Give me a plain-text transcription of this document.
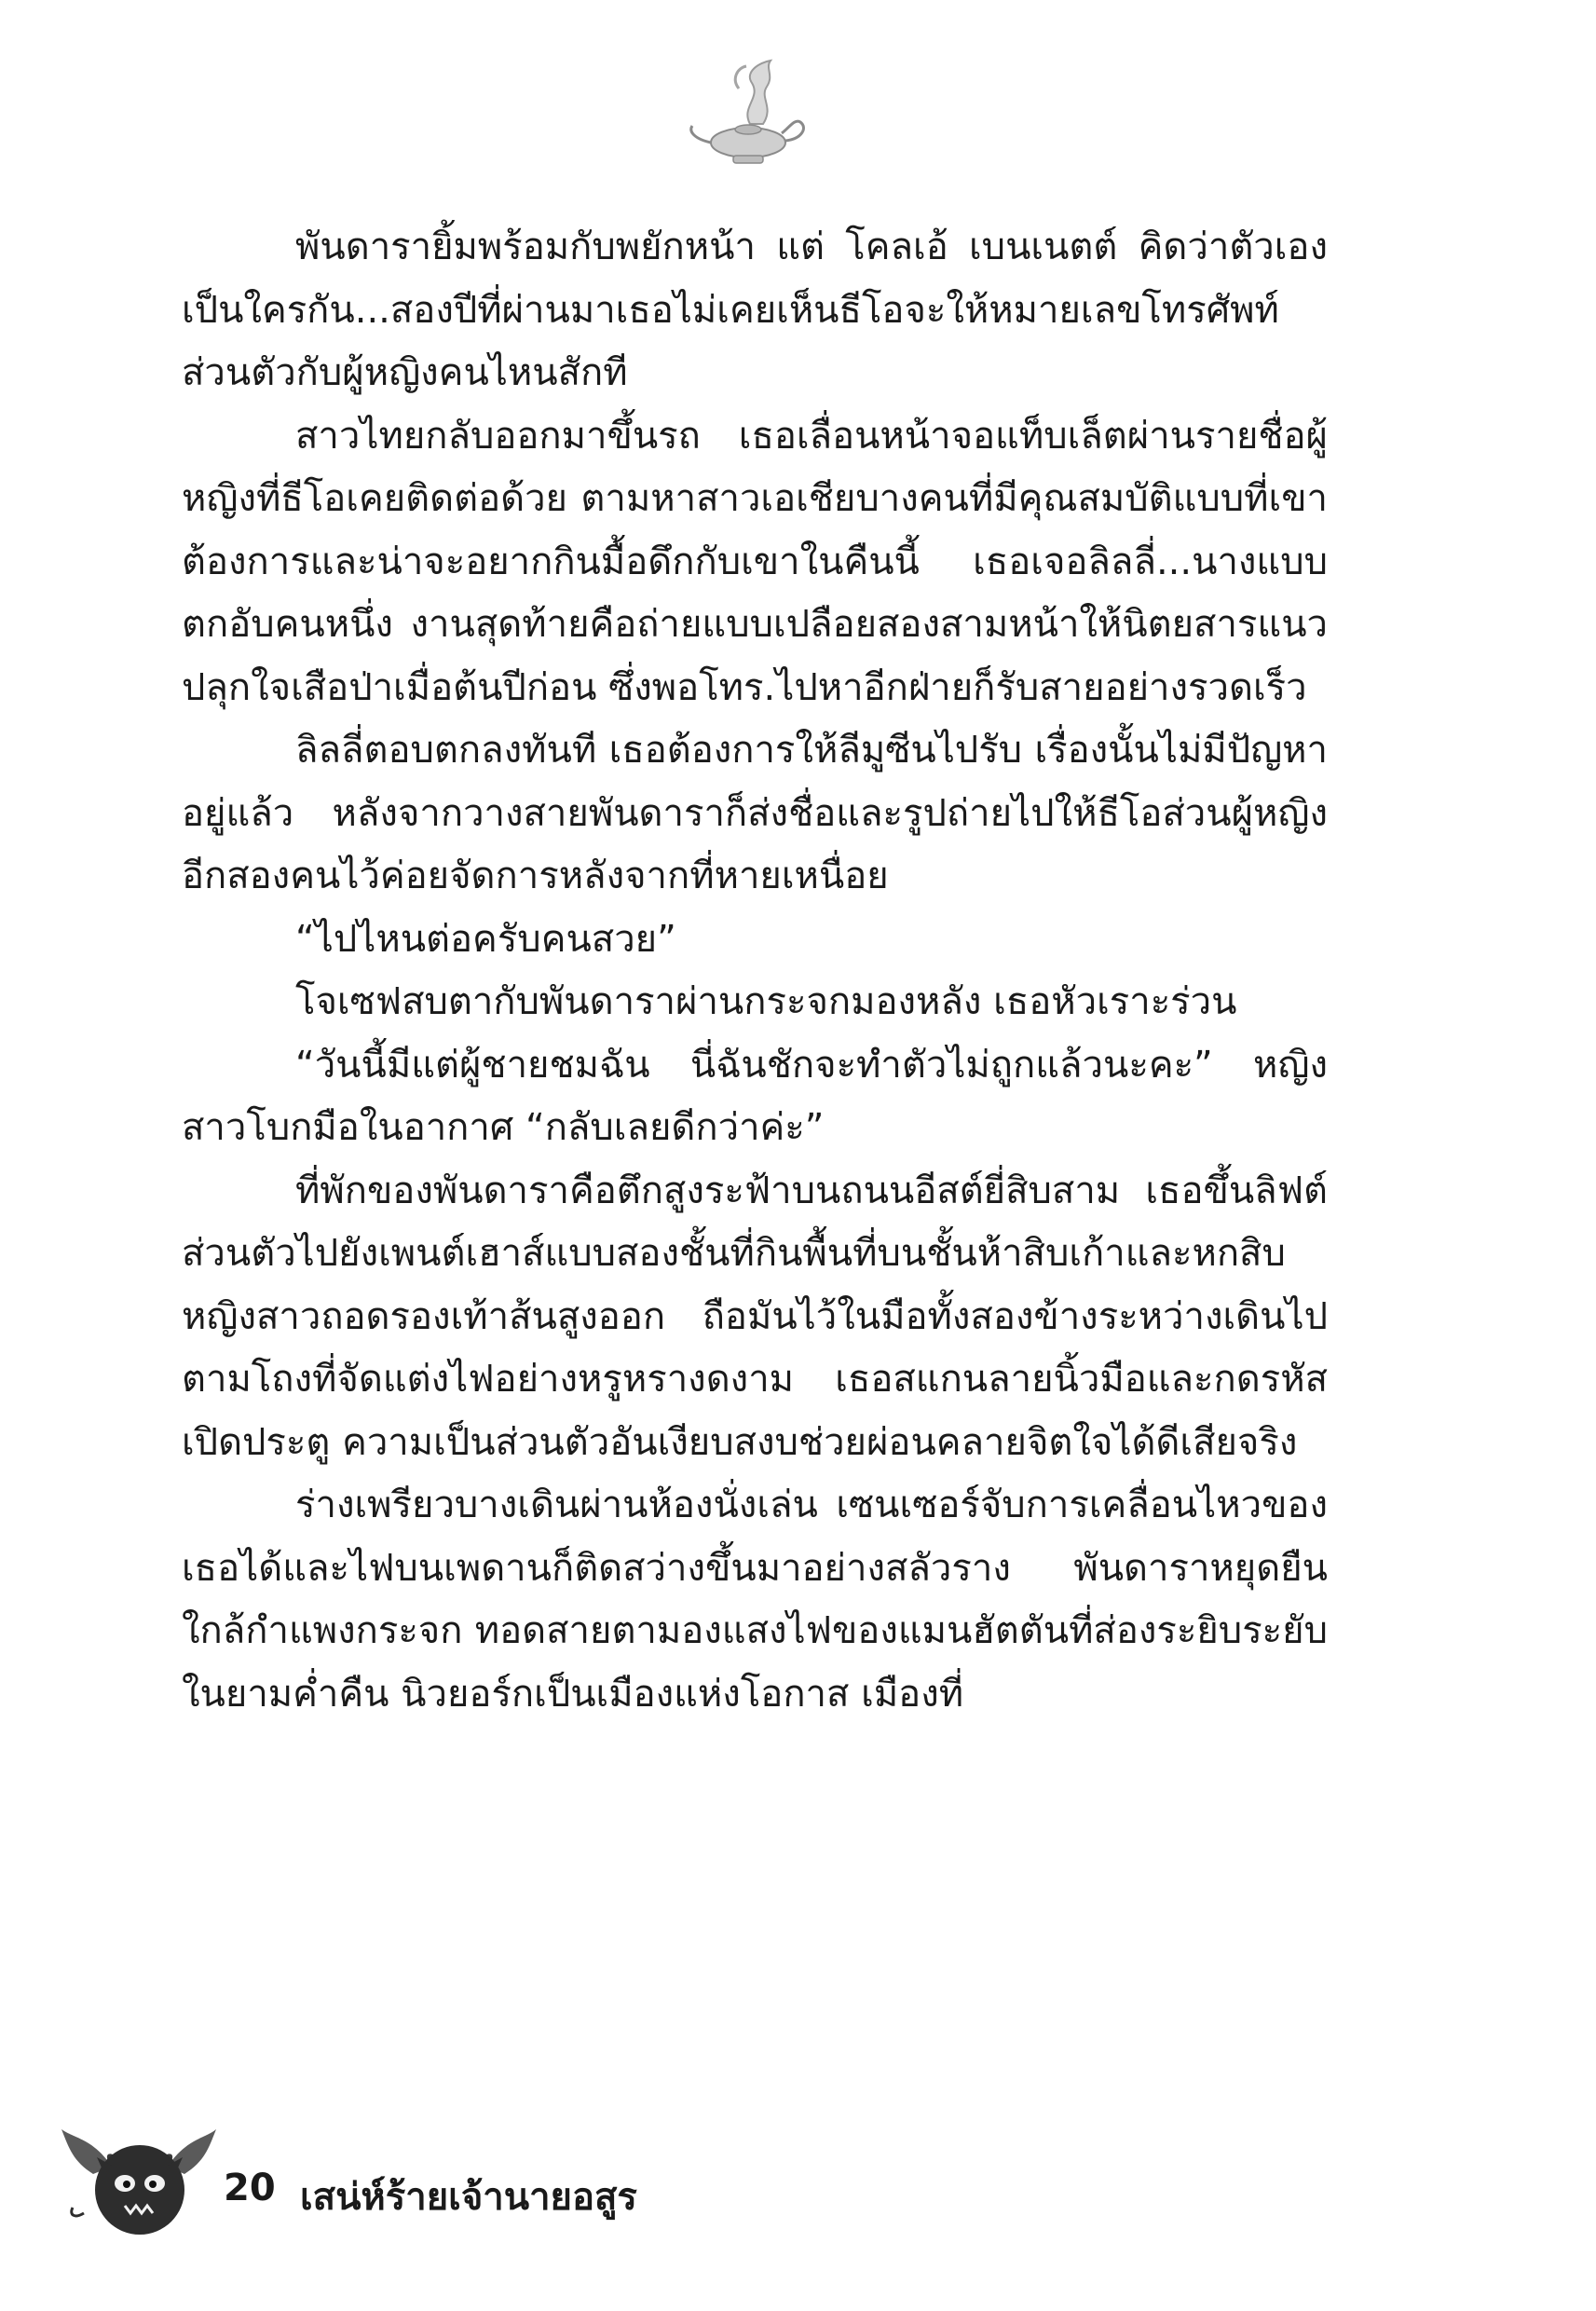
พันดารายิ้มพร้อมกับพยักหน้า แต่ โคลเอ้ เบนเนตต์ คิดว่าตัวเองเป็นใครกัน...สองปีที่ผ่านมาเธอไม่เคยเห็นธีโอจะให้หมายเลขโทรศัพท์ส่วนตัวกับผู้หญิงคนไหนสักที

สาวไทยกลับออกมาขึ้นรถ เธอเลื่อนหน้าจอแท็บเล็ตผ่านรายชื่อผู้หญิงที่ธีโอเคยติดต่อด้วย ตามหาสาวเอเชียบางคนที่มีคุณสมบัติแบบที่เขาต้องการและน่าจะอยากกินมื้อดึกกับเขาในคืนนี้ เธอเจอลิลลี่...นางแบบตกอับคนหนึ่ง งานสุดท้ายคือถ่ายแบบเปลือยสองสามหน้าให้นิตยสารแนวปลุกใจเสือป่าเมื่อต้นปีก่อน ซึ่งพอโทร.ไปหาอีกฝ่ายก็รับสายอย่างรวดเร็ว

ลิลลี่ตอบตกลงทันที เธอต้องการให้ลีมูซีนไปรับ เรื่องนั้นไม่มีปัญหาอยู่แล้ว หลังจากวางสายพันดาราก็ส่งชื่อและรูปถ่ายไปให้ธีโอส่วนผู้หญิงอีกสองคนไว้ค่อยจัดการหลังจากที่หายเหนื่อย

“ไปไหนต่อครับคนสวย”

โจเซฟสบตากับพันดาราผ่านกระจกมองหลัง เธอหัวเราะร่วน

“วันนี้มีแต่ผู้ชายชมฉัน นี่ฉันชักจะทำตัวไม่ถูกแล้วนะคะ” หญิงสาวโบกมือในอากาศ “กลับเลยดีกว่าค่ะ”

ที่พักของพันดาราคือตึกสูงระฟ้าบนถนนอีสต์ยี่สิบสาม เธอขึ้นลิฟต์ส่วนตัวไปยังเพนต์เฮาส์แบบสองชั้นที่กินพื้นที่บนชั้นห้าสิบเก้าและหกสิบ หญิงสาวถอดรองเท้าส้นสูงออก ถือมันไว้ในมือทั้งสองข้างระหว่างเดินไปตามโถงที่จัดแต่งไฟอย่างหรูหรางดงาม เธอสแกนลายนิ้วมือและกดรหัสเปิดประตู ความเป็นส่วนตัวอันเงียบสงบช่วยผ่อนคลายจิตใจได้ดีเสียจริง

ร่างเพรียวบางเดินผ่านห้องนั่งเล่น เซนเซอร์จับการเคลื่อนไหวของเธอได้และไฟบนเพดานก็ติดสว่างขึ้นมาอย่างสลัวราง พันดาราหยุดยืนใกล้กำแพงกระจก ทอดสายตามองแสงไฟของแมนฮัตตันที่ส่องระยิบระยับในยามค่ำคืน นิวยอร์กเป็นเมืองแห่งโอกาส เมืองที่

20 เสน่ห์ร้ายเจ้านายอสูร
